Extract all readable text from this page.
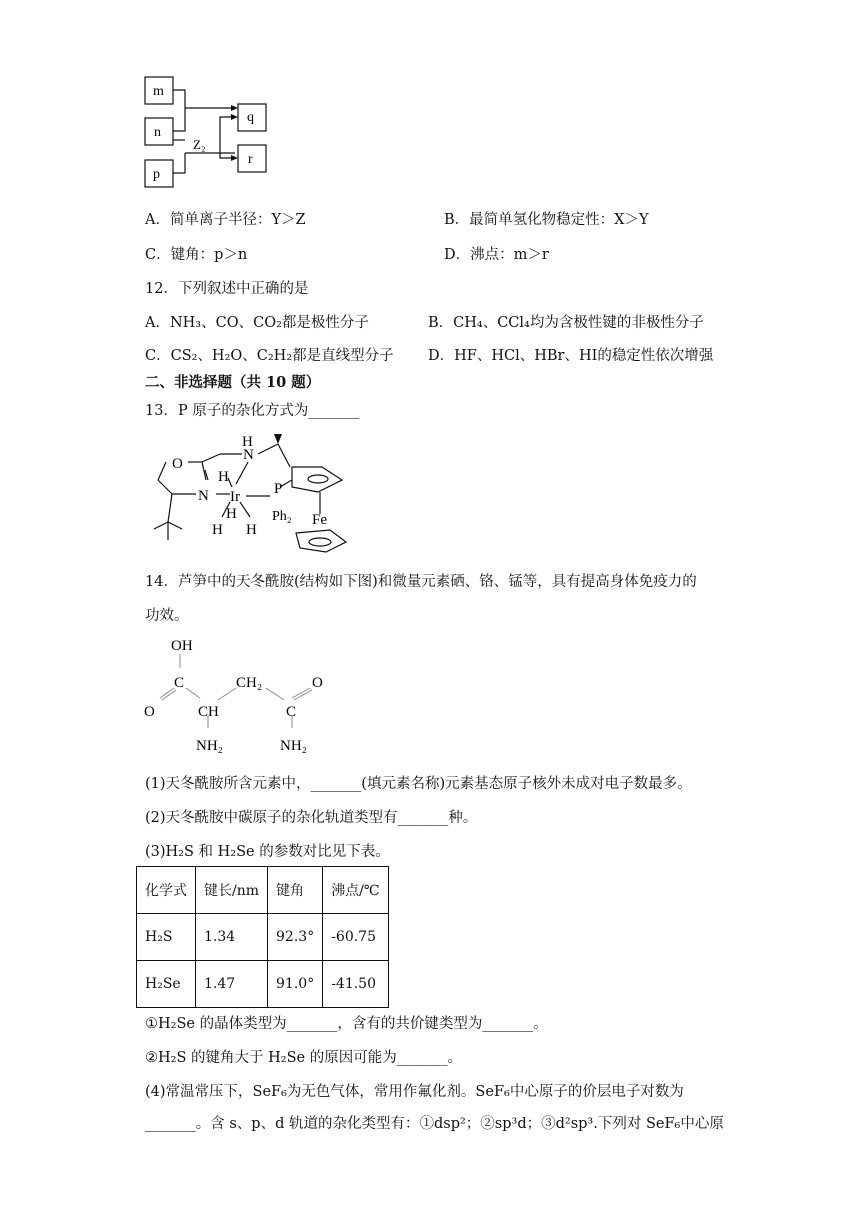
m
n
p
q
r
Z₂
A．简单离子半径：Y＞Z	B．最简单氢化物稳定性：X＞Y
C．键角：p＞n	D．沸点：m＞r
12．下列叙述中正确的是
A．NH₃、CO、CO₂都是极性分子	B．CH₄、CCl₄均为含极性键的非极性分子
C．CS₂、H₂O、C₂H₂都是直线型分子 D．HF、HCl、HBr、HI的稳定性依次增强
二、非选择题（共 10 题）
13．P 原子的杂化方式为_______
O
N
H
H
Ir P
Ph₂ Fe
H H
H
N
14．芦笋中的天冬酰胺(结构如下图)和微量元素硒、铬、锰等，具有提高身体免疫力的
功效。
OH
C
O	CH
NH₂
CH₂
C
O
NH₂
(1)天冬酰胺所含元素中，_______(填元素名称)元素基态原子核外未成对电子数最多。
(2)天冬酰胺中碳原子的杂化轨道类型有_______种。
(3)H₂S 和 H₂Se 的参数对比见下表。
化学式	键长/nm	键角	沸点/℃
H₂S	1.34	92.3°	-60.75
H₂Se	1.47	91.0°	-41.50
①H₂Se 的晶体类型为_______，含有的共价键类型为_______。
②H₂S 的键角大于 H₂Se 的原因可能为_______。
(4)常温常压下，SeF₆为无色气体，常用作氟化剂。SeF₆中心原子的价层电子对数为
_______。含 s、p、d 轨道的杂化类型有：①dsp²；②sp³d；③d²sp³.下列对 SeF₆中心原
